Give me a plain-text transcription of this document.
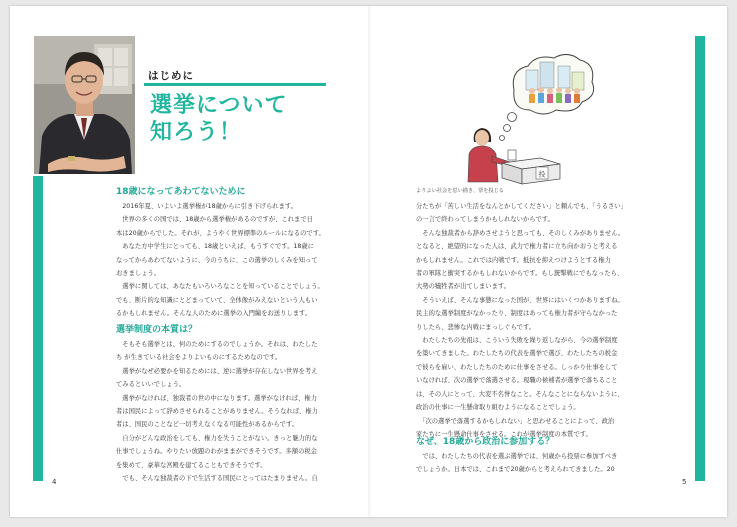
はじめに
選挙について
知ろう！
18歳になってあわてないために

　2016年夏、いよいよ選挙権が18歳からに引き下げられます。

　世界の多くの国では、18歳から選挙権があるのですが、これまで日

本は20歳からでした。それが、ようやく世界標準のルールになるのです。

　あなた方中学生にとっても、18歳といえば、もうすぐです。18歳に

なってからあわてないように、今のうちに、この選挙のしくみを知って

おきましょう。

　選挙に関しては、あなたもいろいろなことを知っていることでしょう。

でも、断片的な知識にとどまっていて、全体像がみえないという人もい

るかもしれません。そんな人のために選挙の入門編をお送りします。

選挙制度の本質は？

　そもそも選挙とは、何のためにするのでしょうか。それは、わたした

ち が生きている社会をよりよいものにするためなのです。

　選挙がなぜ必要かを知るためには、逆に選挙が存在しない世界を考え

てみるといいでしょう。

　選挙がなければ、独裁者の世の中になります。選挙がなければ、権力

者は国民によって辞めさせられることがありません。そうなれば、権力

者は、国民のことなど一切考えなくなる可能性があるからです。

　自分がどんな政治をしても、権力を失うことがない。きっと魅力的な

仕事でしょうね。やりたい放題のわがままができそうです。多額の税金

を集めて、豪華な宮殿を建てることもできそうです。

　でも、そんな独裁者の下で生活する国民にとってはたまりません。自

4
投
よりよい社会を思い描き、票を投じる

分たちが「苦しい生活をなんとかしてください」と頼んでも、「うるさい」

の一言で終わってしまうかもしれないからです。

　そんな独裁者から辞めさせようと思っても、そのしくみがありません。

となると、絶望的になった人は、武力で権力者に立ち向かおうと考える

かもしれません。これでは内戦です。抵抗を抑えつけようとする権力

者の軍隊と衝突するかもしれないからです。もし銃撃戦にでもなったら、

大勢の犠牲者が出てしまいます。

　そういえば、そんな事態になった国が、世界にはいくつかありますね。

民主的な選挙制度がなかったり、制度はあっても権力者が守らなかった

りしたら、悲惨な内戦にまっしぐらです。

　わたしたちの先祖は、こういう失敗を繰り返しながら、今の選挙制度

を築いてきました。わたしたちの代表を選挙で選び、わたしたちの税金

で彼らを雇い、わたしたちのために仕事をさせる。しっかり仕事をして

いなければ、次の選挙で落選させる。現職の候補者が選挙で落ちること

は、その人にとって、大変不名誉なこと。そんなことにならないように、

政治の仕事に一生懸命取り組むようになることでしょう。

　「次の選挙で落選するかもしれない」と思わせることによって、政治

家たちに一生懸命仕事をさせる。これが選挙制度の本質です。

なぜ、18歳から政治に参加する？

　では、わたしたちの代表を選ぶ選挙では、何歳から投票に参加すべき

でしょうか。日本では、これまで20歳からと考えられてきました。20

5
